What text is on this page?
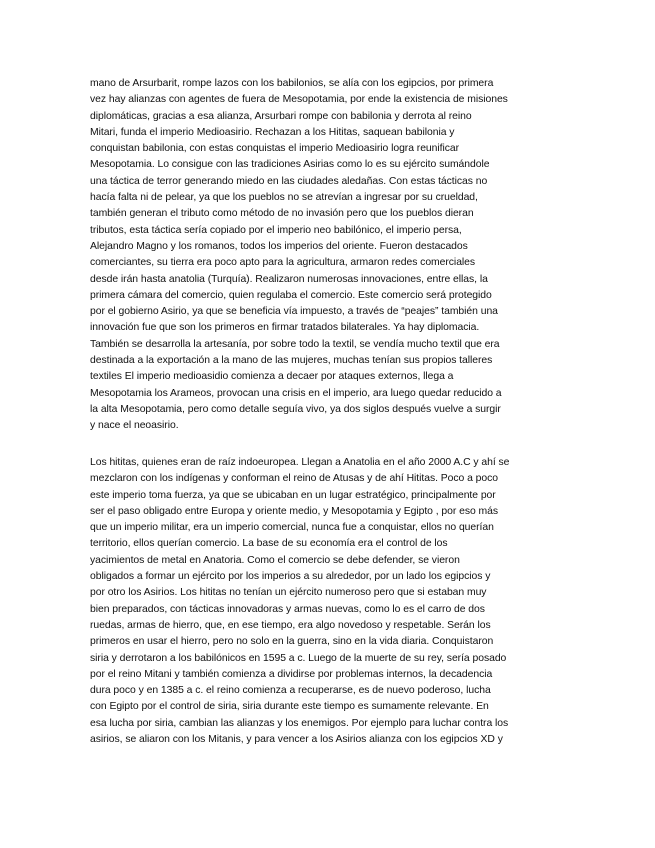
mano de Arsurbarit, rompe lazos con los babilonios, se alía con los egipcios, por primera
vez hay alianzas con agentes de fuera de Mesopotamia, por ende la existencia de misiones
diplomáticas, gracias a esa alianza, Arsurbari rompe con babilonia y derrota al reino
Mitari, funda el imperio Medioasirio. Rechazan a los Hititas, saquean babilonia y
conquistan babilonia, con estas conquistas el imperio Medioasirio logra reunificar
Mesopotamia. Lo consigue con las tradiciones Asirias como lo es su ejército sumándole
una táctica de terror generando miedo en las ciudades aledañas. Con estas tácticas no
hacía falta ni de pelear, ya que los pueblos no se atrevían a ingresar por su crueldad,
también generan el tributo como método de no invasión pero que los pueblos dieran
tributos, esta táctica sería copiado por el imperio neo babilónico, el imperio persa,
Alejandro Magno y los romanos, todos los imperios del oriente. Fueron destacados
comerciantes, su tierra era poco apto para la agricultura, armaron redes comerciales
desde irán hasta anatolia (Turquía). Realizaron numerosas innovaciones, entre ellas, la
primera cámara del comercio, quien regulaba el comercio. Este comercio será protegido
por el gobierno Asirio, ya que se beneficia vía impuesto, a través de “peajes” también una
innovación fue que son los primeros en firmar tratados bilaterales. Ya hay diplomacia.
También se desarrolla la artesanía, por sobre todo la textil, se vendía mucho textil que era
destinada a la exportación a la mano de las mujeres, muchas tenían sus propios talleres
textiles El imperio medioasidio comienza a decaer por ataques externos, llega a
Mesopotamia los Arameos, provocan una crisis en el imperio, ara luego quedar reducido a
la alta Mesopotamia, pero como detalle seguía vivo, ya dos siglos después vuelve a surgir
y nace el neoasirio.
Los hititas, quienes eran de raíz indoeuropea. Llegan a Anatolia en el año 2000 A.C y ahí se
mezclaron con los indígenas y conforman el reino de Atusas y de ahí Hititas. Poco a poco
este imperio toma fuerza, ya que se ubicaban en un lugar estratégico, principalmente por
ser el paso obligado entre Europa y oriente medio, y Mesopotamia y Egipto , por eso más
que un imperio militar, era un imperio comercial, nunca fue a conquistar, ellos no querían
territorio, ellos querían comercio. La base de su economía era el control de los
yacimientos de metal en Anatoria. Como el comercio se debe defender, se vieron
obligados a formar un ejército por los imperios a su alrededor, por un lado los egipcios y
por otro los Asirios. Los hititas no tenían un ejército numeroso pero que si estaban muy
bien preparados, con tácticas innovadoras y armas nuevas, como lo es el carro de dos
ruedas, armas de hierro, que, en ese tiempo, era algo novedoso y respetable. Serán los
primeros en usar el hierro, pero no solo en la guerra, sino en la vida diaria. Conquistaron
siria y derrotaron a los babilónicos en 1595 a c. Luego de la muerte de su rey, sería posado
por el reino Mitani y también comienza a dividirse por problemas internos, la decadencia
dura poco y en 1385 a c. el reino comienza a recuperarse, es de nuevo poderoso, lucha
con Egipto por el control de siria, siria durante este tiempo es sumamente relevante. En
esa lucha por siria, cambian las alianzas y los enemigos. Por ejemplo para luchar contra los
asirios, se aliaron con los Mitanis, y para vencer a los Asirios alianza con los egipcios XD y
